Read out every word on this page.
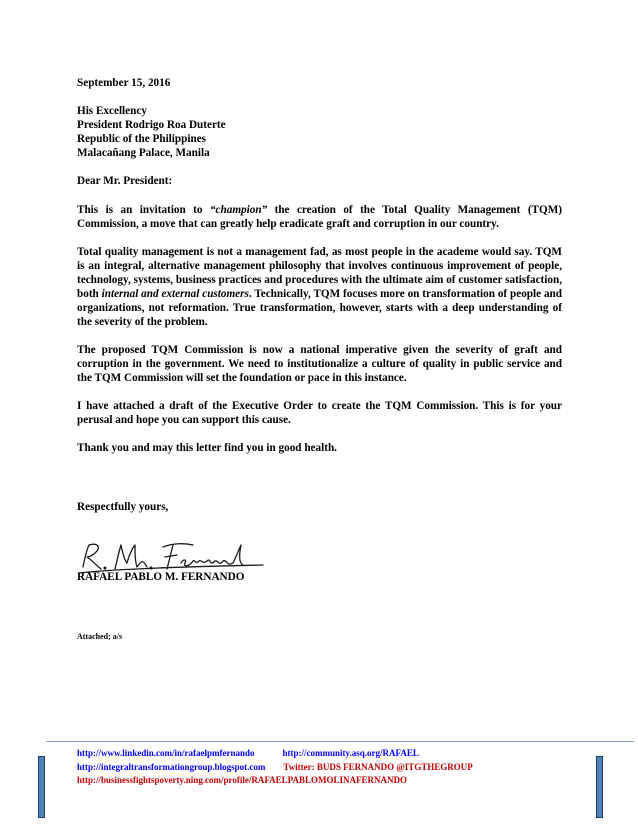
September 15, 2016

His Excellency

President Rodrigo Roa Duterte

Republic of the Philippines

Malacañang Palace, Manila

Dear Mr. President:

This is an invitation to “champion” the creation of the Total Quality Management (TQM) Commission, a move that can greatly help eradicate graft and corruption in our country.

Total quality management is not a management fad, as most people in the academe would say. TQM is an integral, alternative management philosophy that involves continuous improvement of people, technology, systems, business practices and procedures with the ultimate aim of customer satisfaction, both internal and external customers. Technically, TQM focuses more on transformation of people and organizations, not reformation. True transformation, however, starts with a deep understanding of the severity of the problem.

The proposed TQM Commission is now a national imperative given the severity of graft and corruption in the government. We need to institutionalize a culture of quality in public service and the TQM Commission will set the foundation or pace in this instance.

I have attached a draft of the Executive Order to create the TQM Commission. This is for your perusal and hope you can support this cause.

Thank you and may this letter find you in good health.

Respectfully yours,

RAFAEL PABLO M. FERNANDO

Attached; a/s

http://www.linkedin.com/in/rafaelpmfernando	http://community.asq.org/RAFAEL
http://integraltransformationgroup.blogspot.com Twitter: BUDS FERNANDO @ITGTHEGROUP
http://businessfightspoverty.ning.com/profile/RAFAELPABLOMOLINAFERNANDO
